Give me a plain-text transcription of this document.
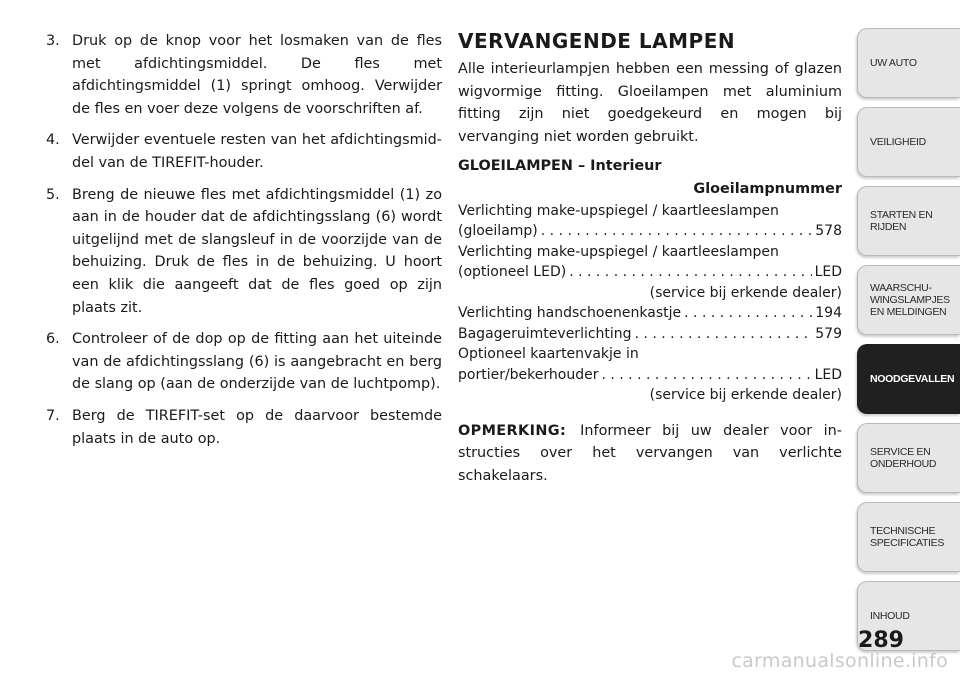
3. Druk op de knop voor het losmaken van de fles met afdichtingsmiddel. De fles met afdichtingsmiddel (1) springt omhoog. Verwijder de fles en voer deze volgens de voorschriften af.
4. Verwijder eventuele resten van het afdichtingsmid-del van de TIREFIT-houder.
5. Breng de nieuwe fles met afdichtingsmiddel (1) zo aan in de houder dat de afdichtingsslang (6) wordt uitgelijnd met de slangsleuf in de voorzijde van de behuizing. Druk de fles in de behuizing. U hoort een klik die aangeeft dat de fles goed op zijn plaats zit.
6. Controleer of de dop op de fitting aan het uiteinde van de afdichtingsslang (6) is aangebracht en berg de slang op (aan de onderzijde van de luchtpomp).
7. Berg de TIREFIT-set op de daarvoor bestemde plaats in de auto op.
VERVANGENDE LAMPEN

Alle interieurlampjen hebben een messing of glazen wigvormige fitting. Gloeilampen met aluminium fitting zijn niet goedgekeurd en mogen bij vervanging niet worden gebruikt.

GLOEILAMPEN – Interieur
Gloeilampnummer
Verlichting make-upspiegel / kaartleeslampen
(gloeilamp) . . .	578
Verlichting make-upspiegel / kaartleeslampen
(optioneel LED) . . .	LED
(service bij erkende dealer)
Verlichting handschoenenkastje . . .	194
Bagageruimteverlichting . . .	579
Optioneel kaartenvakje in
portier/bekerhouder . . .	LED
(service bij erkende dealer)

OPMERKING: Informeer bij uw dealer voor in-structies over het vervangen van verlichte schakelaars.

UW AUTO
VEILIGHEID
STARTEN EN
RIJDEN
WAARSCHU-
WINGSLAMPJES
EN MELDINGEN
NOODGEVALLEN
SERVICE EN
ONDERHOUD
TECHNISCHE
SPECIFICATIES
INHOUD
289
carmanualsonline.info
